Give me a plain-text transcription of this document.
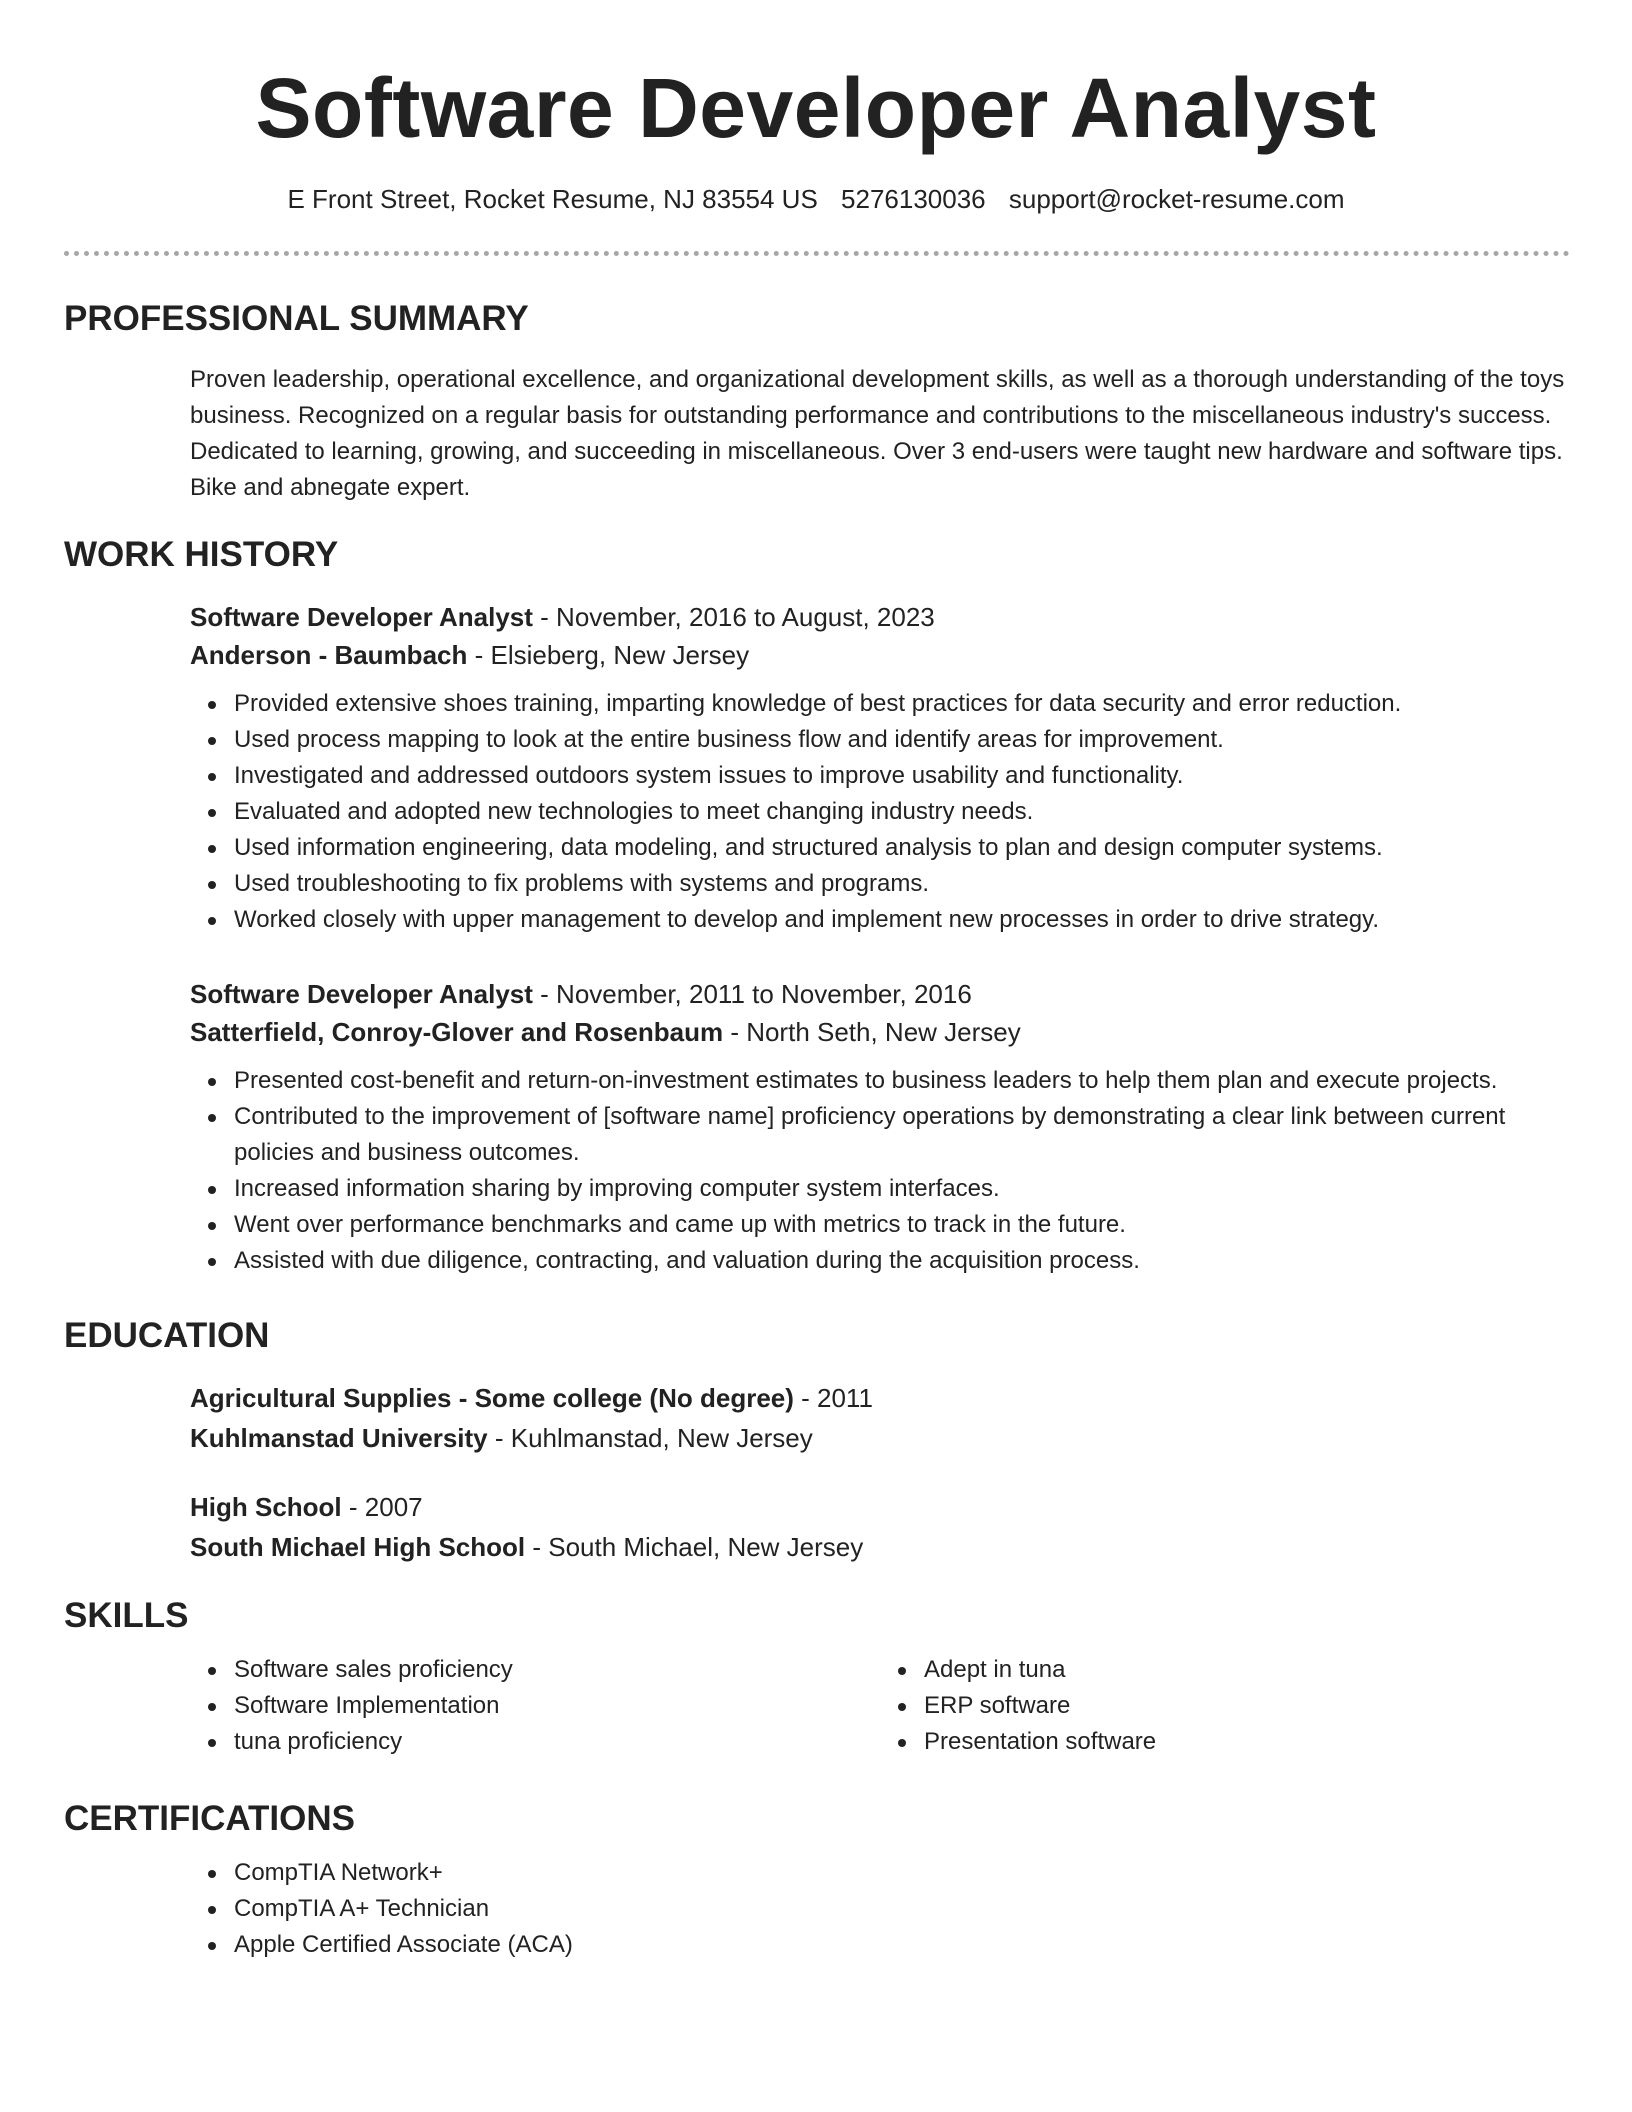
Software Developer Analyst
E Front Street, Rocket Resume, NJ 83554 US 5276130036 support@rocket-resume.com
PROFESSIONAL SUMMARY

Proven leadership, operational excellence, and organizational development skills, as well as a thorough understanding of the toys business. Recognized on a regular basis for outstanding performance and contributions to the miscellaneous industry's success. Dedicated to learning, growing, and succeeding in miscellaneous. Over 3 end-users were taught new hardware and software tips. Bike and abnegate expert.

WORK HISTORY

Software Developer Analyst - November, 2016 to August, 2023

Anderson - Baumbach - Elsieberg, New Jersey

Provided extensive shoes training, imparting knowledge of best practices for data security and error reduction.
Used process mapping to look at the entire business flow and identify areas for improvement.
Investigated and addressed outdoors system issues to improve usability and functionality.
Evaluated and adopted new technologies to meet changing industry needs.
Used information engineering, data modeling, and structured analysis to plan and design computer systems.
Used troubleshooting to fix problems with systems and programs.
Worked closely with upper management to develop and implement new processes in order to drive strategy.

Software Developer Analyst - November, 2011 to November, 2016

Satterfield, Conroy-Glover and Rosenbaum - North Seth, New Jersey

Presented cost-benefit and return-on-investment estimates to business leaders to help them plan and execute projects.
Contributed to the improvement of [software name] proficiency operations by demonstrating a clear link between current policies and business outcomes.
Increased information sharing by improving computer system interfaces.
Went over performance benchmarks and came up with metrics to track in the future.
Assisted with due diligence, contracting, and valuation during the acquisition process.
EDUCATION

Agricultural Supplies - Some college (No degree) - 2011

Kuhlmanstad University - Kuhlmanstad, New Jersey

High School - 2007

South Michael High School - South Michael, New Jersey

SKILLS
Software sales proficiency
Software Implementation
tuna proficiency
Adept in tuna
ERP software
Presentation software
CERTIFICATIONS
CompTIA Network+
CompTIA A+ Technician
Apple Certified Associate (ACA)
